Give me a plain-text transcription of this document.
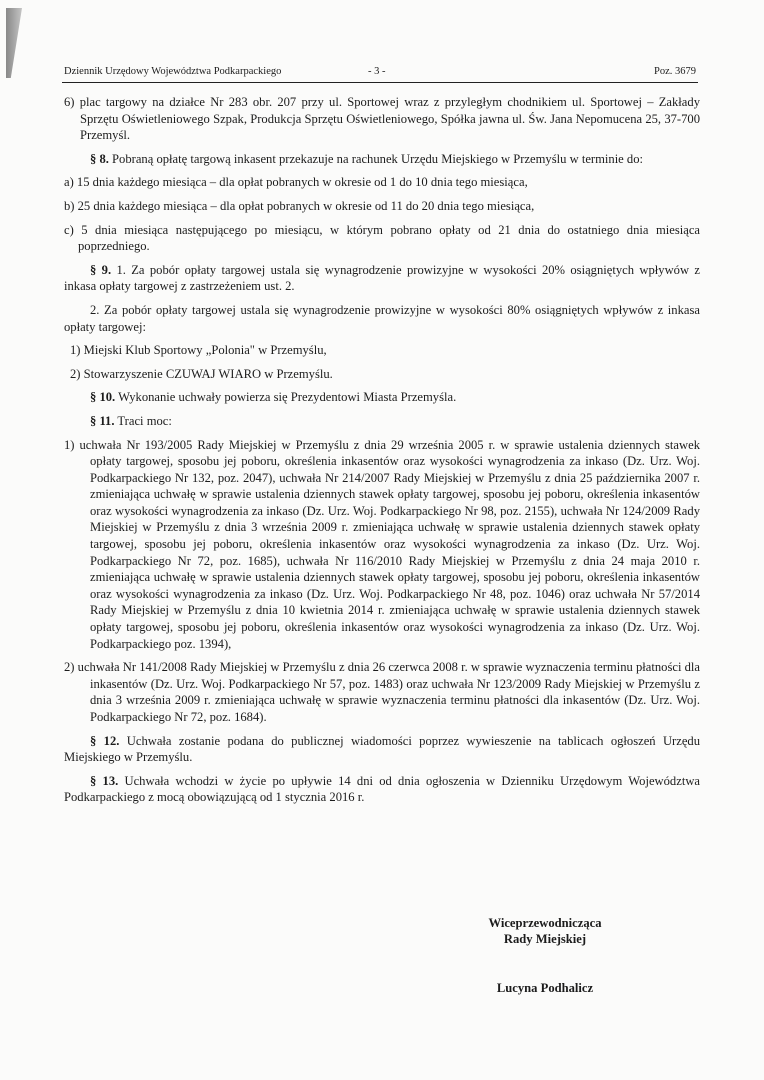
Dziennik Urzędowy Województwa Podkarpackiego	- 3 -	Poz. 3679

6) plac targowy na działce Nr 283 obr. 207 przy ul. Sportowej wraz z przyległym chodnikiem ul. Sportowej – Zakłady Sprzętu Oświetleniowego Szpak, Produkcja Sprzętu Oświetleniowego, Spółka jawna ul. Św. Jana Nepomucena 25, 37-700 Przemyśl.

§ 8. Pobraną opłatę targową inkasent przekazuje na rachunek Urzędu Miejskiego w Przemyślu w terminie do:

a) 15 dnia każdego miesiąca – dla opłat pobranych w okresie od 1 do 10 dnia tego miesiąca,

b) 25 dnia każdego miesiąca – dla opłat pobranych w okresie od 11 do 20 dnia tego miesiąca,

c) 5 dnia miesiąca następującego po miesiącu, w którym pobrano opłaty od 21 dnia do ostatniego dnia miesiąca poprzedniego.

§ 9. 1. Za pobór opłaty targowej ustala się wynagrodzenie prowizyjne w wysokości 20% osiągniętych wpływów z inkasa opłaty targowej z zastrzeżeniem ust. 2.

2. Za pobór opłaty targowej ustala się wynagrodzenie prowizyjne w wysokości 80% osiągniętych wpływów z inkasa opłaty targowej:

1) Miejski Klub Sportowy „Polonia" w Przemyślu,

2) Stowarzyszenie CZUWAJ WIARO w Przemyślu.

§ 10. Wykonanie uchwały powierza się Prezydentowi Miasta Przemyśla.

§ 11. Traci moc:

1) uchwała Nr 193/2005 Rady Miejskiej w Przemyślu z dnia 29 września 2005 r. w sprawie ustalenia dziennych stawek opłaty targowej, sposobu jej poboru, określenia inkasentów oraz wysokości wynagrodzenia za inkaso (Dz. Urz. Woj. Podkarpackiego Nr 132, poz. 2047), uchwała Nr 214/2007 Rady Miejskiej w Przemyślu z dnia 25 października 2007 r. zmieniająca uchwałę w sprawie ustalenia dziennych stawek opłaty targowej, sposobu jej poboru, określenia inkasentów oraz wysokości wynagrodzenia za inkaso (Dz. Urz. Woj. Podkarpackiego Nr 98, poz. 2155), uchwała Nr 124/2009 Rady Miejskiej w Przemyślu z dnia 3 września 2009 r. zmieniająca uchwałę w sprawie ustalenia dziennych stawek opłaty targowej, sposobu jej poboru, określenia inkasentów oraz wysokości wynagrodzenia za inkaso (Dz. Urz. Woj. Podkarpackiego Nr 72, poz. 1685), uchwała Nr 116/2010 Rady Miejskiej w Przemyślu z dnia 24 maja 2010 r. zmieniająca uchwałę w sprawie ustalenia dziennych stawek opłaty targowej, sposobu jej poboru, określenia inkasentów oraz wysokości wynagrodzenia za inkaso (Dz. Urz. Woj. Podkarpackiego Nr 48, poz. 1046) oraz uchwała Nr 57/2014 Rady Miejskiej w Przemyślu z dnia 10 kwietnia 2014 r. zmieniająca uchwałę w sprawie ustalenia dziennych stawek opłaty targowej, sposobu jej poboru, określenia inkasentów oraz wysokości wynagrodzenia za inkaso (Dz. Urz. Woj. Podkarpackiego poz. 1394),

2) uchwała Nr 141/2008 Rady Miejskiej w Przemyślu z dnia 26 czerwca 2008 r. w sprawie wyznaczenia terminu płatności dla inkasentów (Dz. Urz. Woj. Podkarpackiego Nr 57, poz. 1483) oraz uchwała Nr 123/2009 Rady Miejskiej w Przemyślu z dnia 3 września 2009 r. zmieniająca uchwałę w sprawie wyznaczenia terminu płatności dla inkasentów (Dz. Urz. Woj. Podkarpackiego Nr 72, poz. 1684).

§ 12. Uchwała zostanie podana do publicznej wiadomości poprzez wywieszenie na tablicach ogłoszeń Urzędu Miejskiego w Przemyślu.

§ 13. Uchwała wchodzi w życie po upływie 14 dni od dnia ogłoszenia w Dzienniku Urzędowym Województwa Podkarpackiego z mocą obowiązującą od 1 stycznia 2016 r.

Wiceprzewodnicząca
Rady Miejskiej
Lucyna Podhalicz
